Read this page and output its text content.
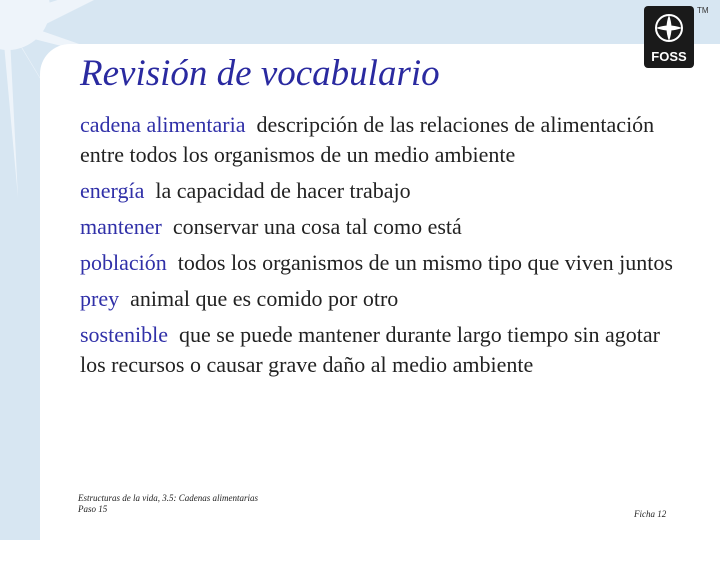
FOSS
TM
Revisión de vocabulario
cadena alimentaria descripción de las relaciones de alimentación entre todos los organismos de un medio ambiente
energía la capacidad de hacer trabajo
mantener conservar una cosa tal como está
población todos los organismos de un mismo tipo que viven juntos
prey animal que es comido por otro
sostenible que se puede mantener durante largo tiempo sin agotar los recursos o causar grave daño al medio ambiente
Estructuras de la vida, 3.5: Cadenas alimentarias
Paso 15	Ficha 12
